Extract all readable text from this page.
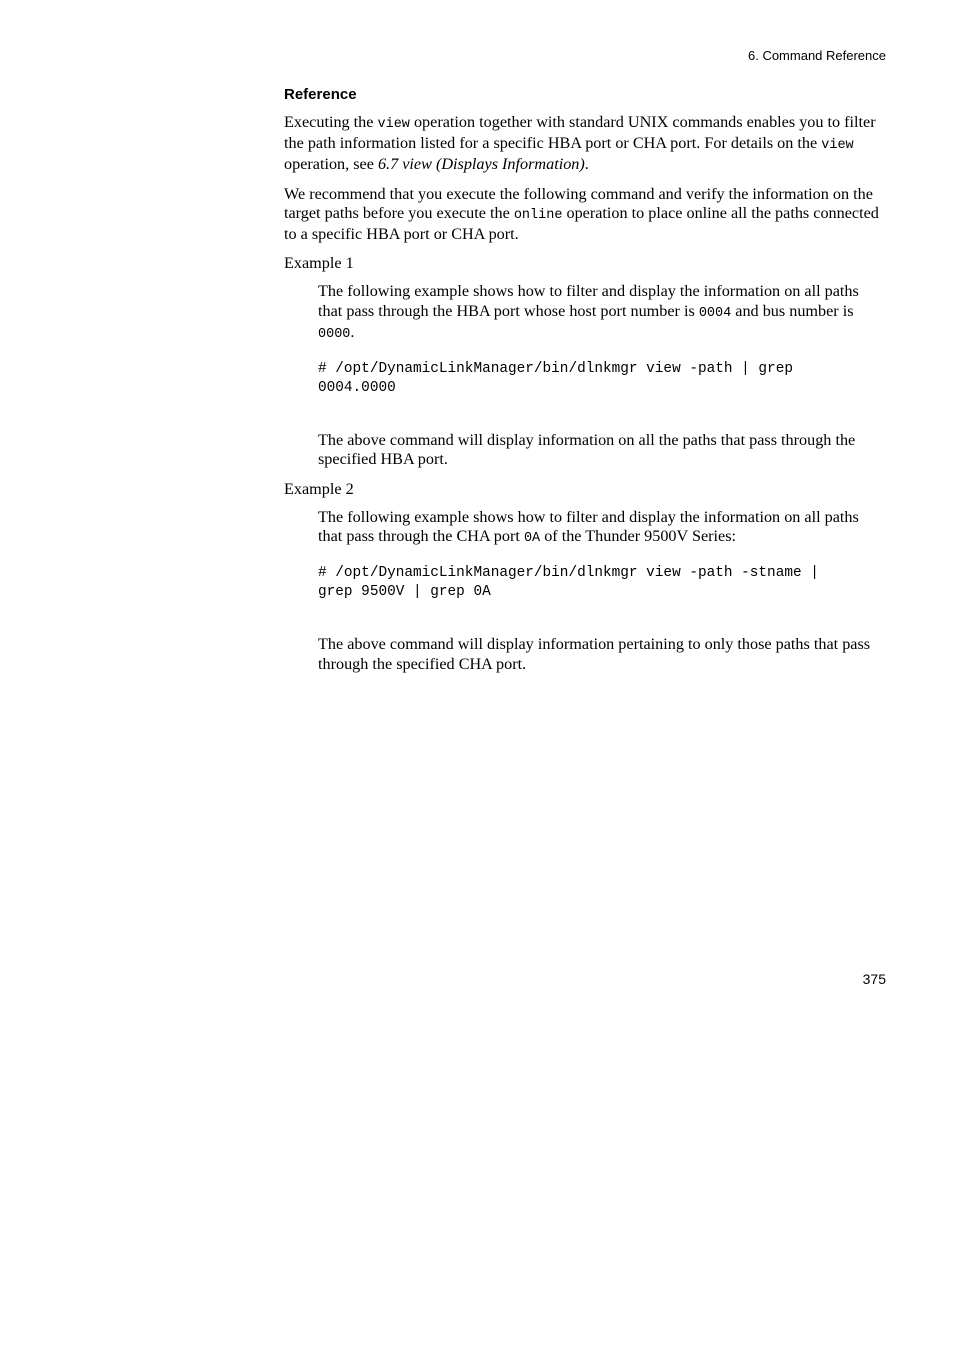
6. Command Reference
Reference

Executing the view operation together with standard UNIX commands enables you to filter the path information listed for a specific HBA port or CHA port. For details on the view operation, see 6.7 view (Displays Information).

We recommend that you execute the following command and verify the information on the target paths before you execute the online operation to place online all the paths connected to a specific HBA port or CHA port.

Example 1

The following example shows how to filter and display the information on all paths that pass through the HBA port whose host port number is 0004 and bus number is 0000.

# /opt/DynamicLinkManager/bin/dlnkmgr view -path | grep
0004.0000

The above command will display information on all the paths that pass through the specified HBA port.

Example 2

The following example shows how to filter and display the information on all paths that pass through the CHA port 0A of the Thunder 9500V Series:

# /opt/DynamicLinkManager/bin/dlnkmgr view -path -stname |
grep 9500V | grep 0A

The above command will display information pertaining to only those paths that pass through the specified CHA port.

375
